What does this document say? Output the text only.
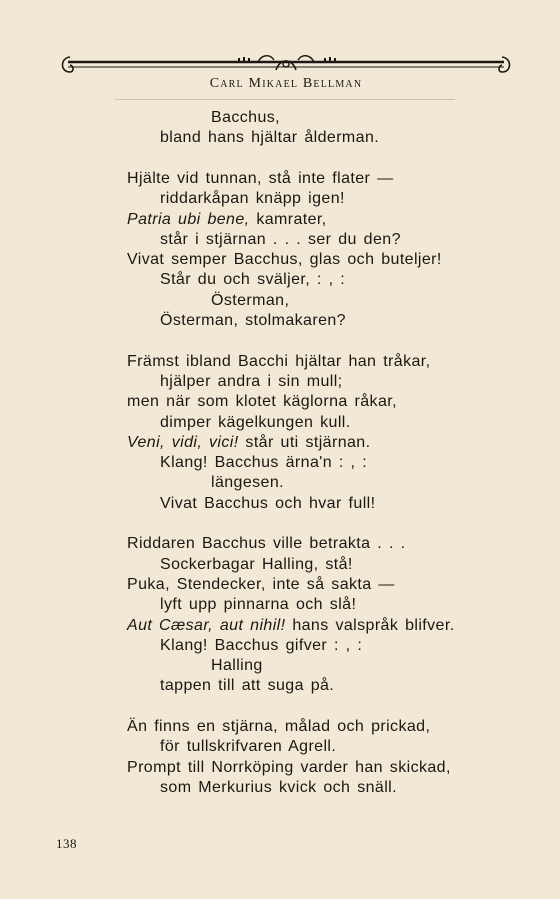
Carl Mikael Bellman
Bacchus,
bland hans hjältar ålderman.
Hjälte vid tunnan, stå inte flater —
riddarkåpan knäpp igen!
Patria ubi bene, kamrater,
står i stjärnan . . . ser du den?
Vivat semper Bacchus, glas och buteljer!
Står du och sväljer, : , :
Österman,
Österman, stolmakaren?
Främst ibland Bacchi hjältar han tråkar,
hjälper andra i sin mull;
men när som klotet käglorna råkar,
dimper kägelkungen kull.
Veni, vidi, vici! står uti stjärnan.
Klang! Bacchus ärna'n : , :
längesen.
Vivat Bacchus och hvar full!
Riddaren Bacchus ville betrakta . . .
Sockerbagar Halling, stå!
Puka, Stendecker, inte så sakta —
lyft upp pinnarna och slå!
Aut Cæsar, aut nihil! hans valspråk blifver.
Klang! Bacchus gifver : , :
Halling
tappen till att suga på.
Än finns en stjärna, målad och prickad,
för tullskrifvaren Agrell.
Prompt till Norrköping varder han skickad,
som Merkurius kvick och snäll.
138
